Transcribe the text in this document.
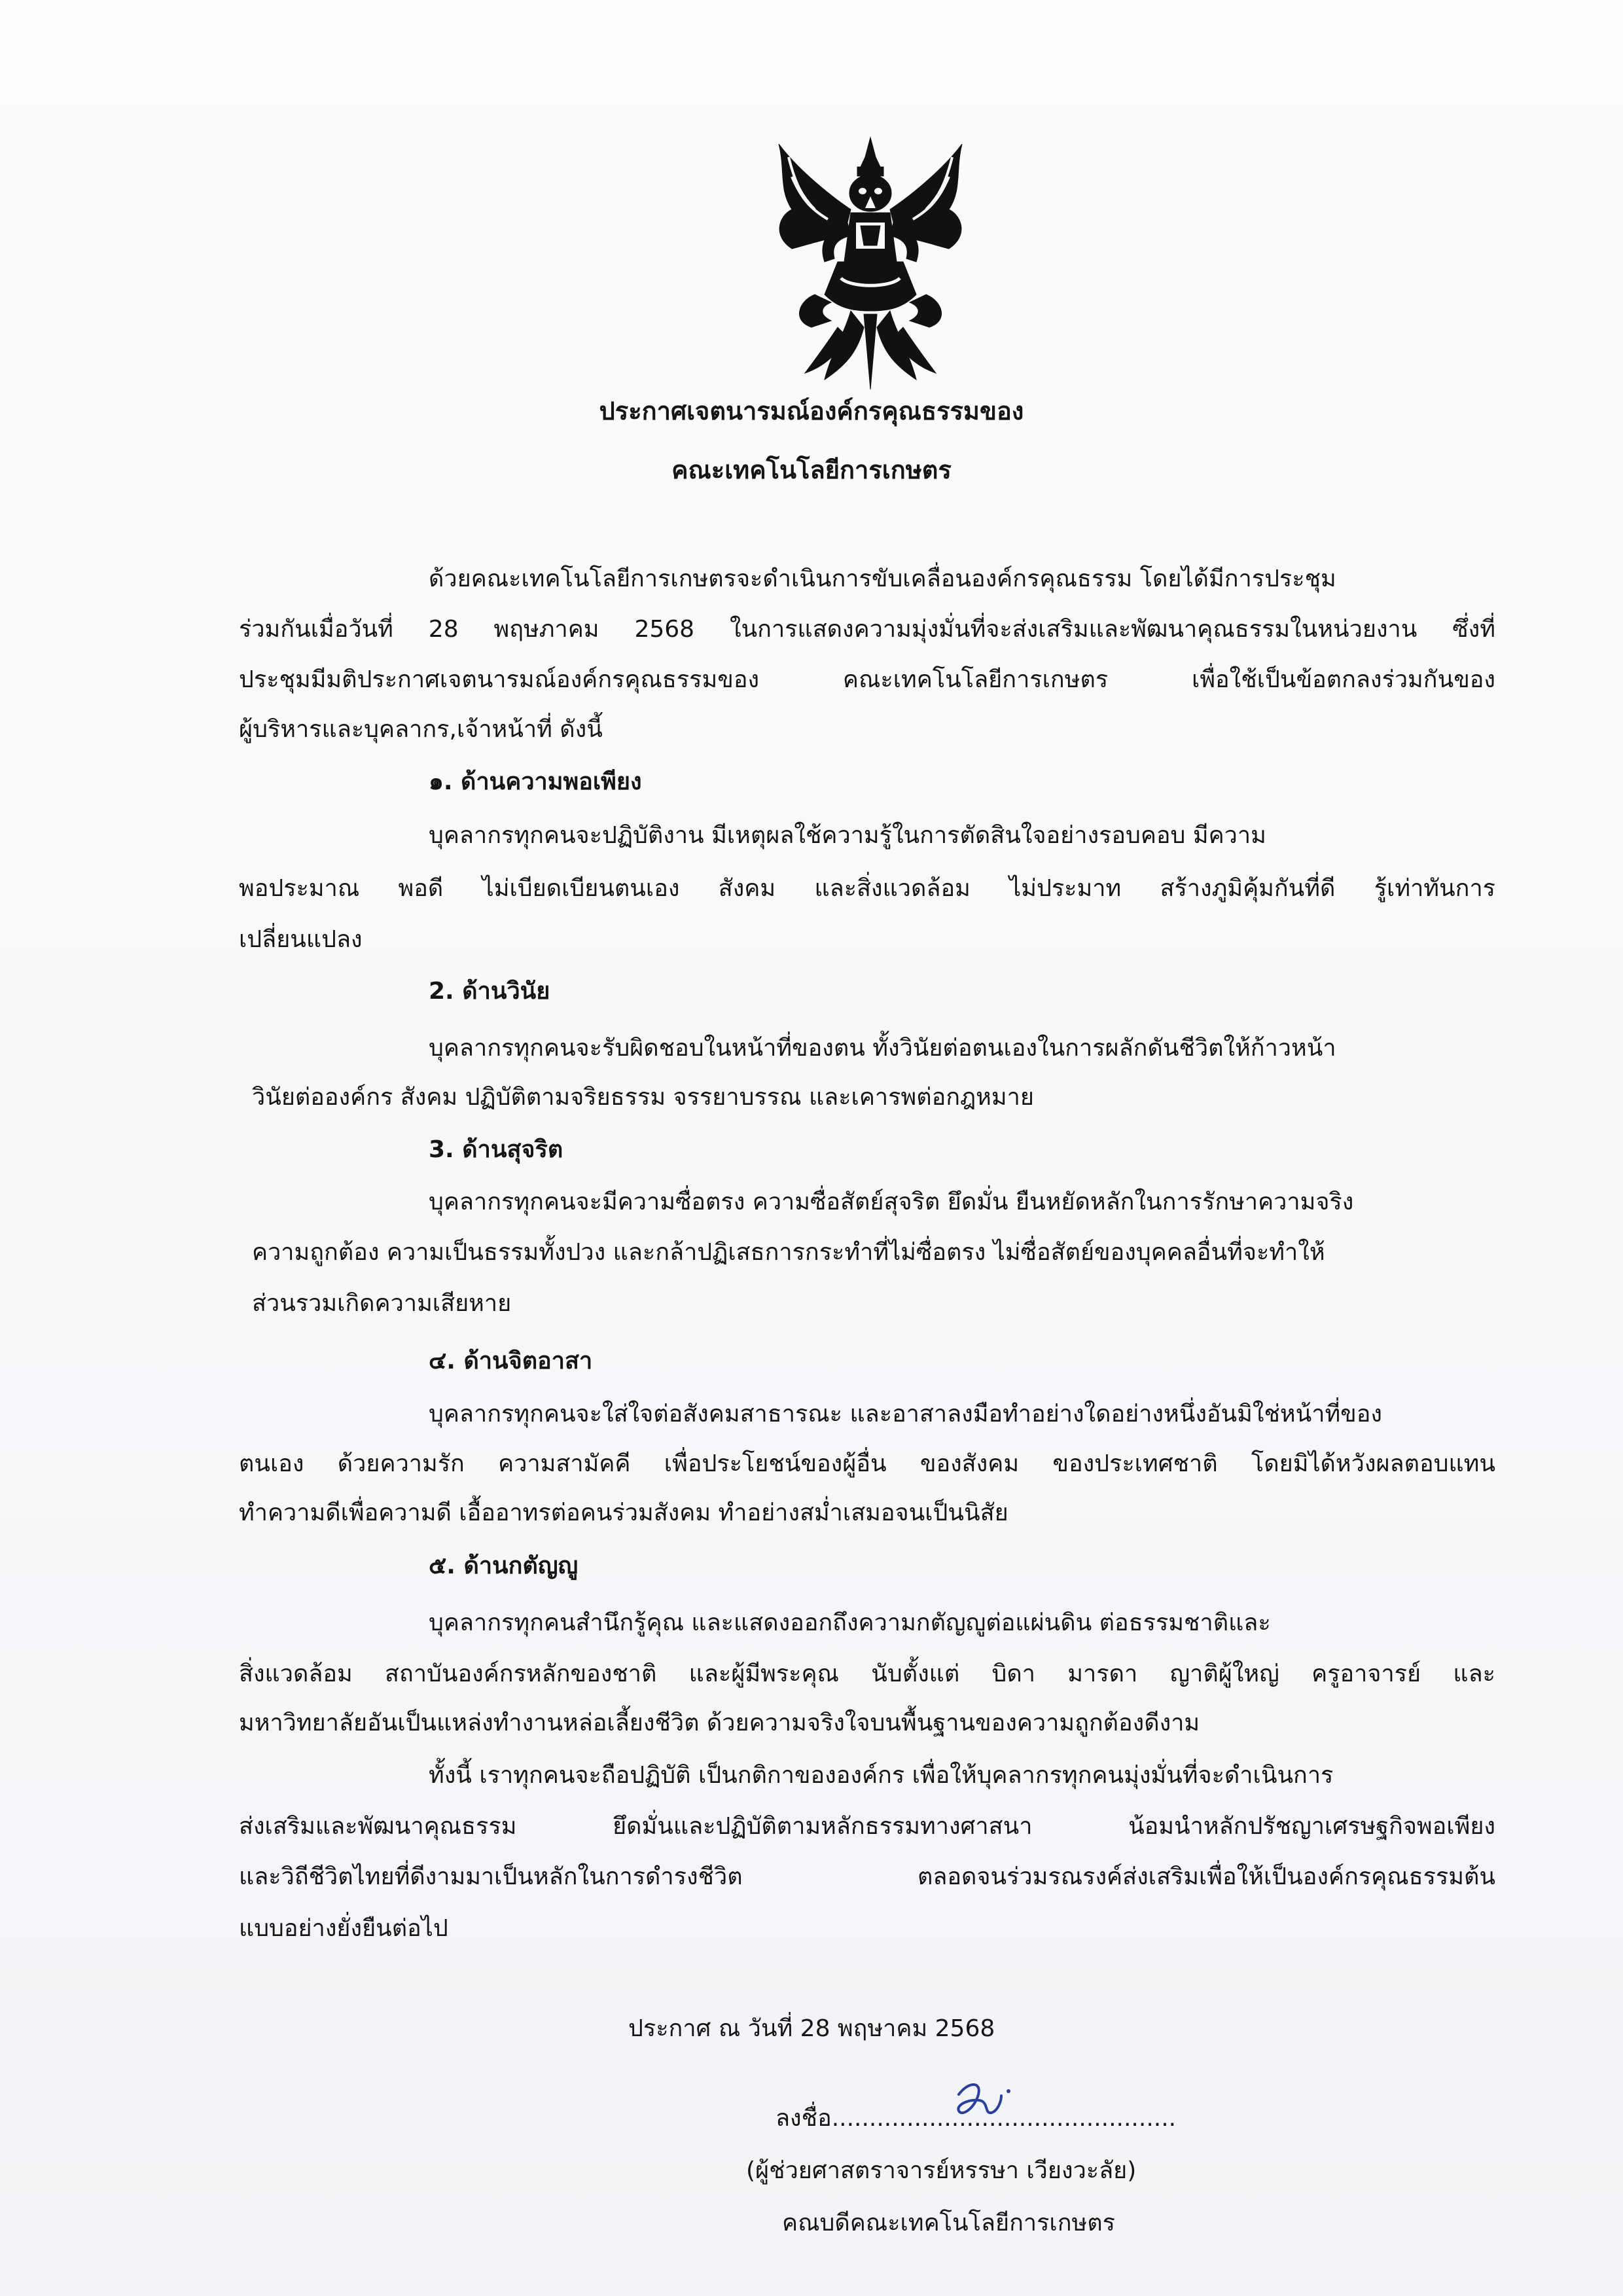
ประกาศเจตนารมณ์องค์กรคุณธรรมของ
คณะเทคโนโลยีการเกษตร

ด้วยคณะเทคโนโลยีการเกษตรจะดำเนินการขับเคลื่อนองค์กรคุณธรรม โดยได้มีการประชุม

ร่วมกันเมื่อวันที่ 28 พฤษภาคม 2568 ในการแสดงความมุ่งมั่นที่จะส่งเสริมและพัฒนาคุณธรรมในหน่วยงาน ซึ่งที่

ประชุมมีมติประกาศเจตนารมณ์องค์กรคุณธรรมของ คณะเทคโนโลยีการเกษตร เพื่อใช้เป็นข้อตกลงร่วมกันของ

ผู้บริหารและบุคลากร,เจ้าหน้าที่ ดังนี้

๑. ด้านความพอเพียง

บุคลากรทุกคนจะปฏิบัติงาน มีเหตุผลใช้ความรู้ในการตัดสินใจอย่างรอบคอบ มีความ

พอประมาณ พอดี ไม่เบียดเบียนตนเอง สังคม และสิ่งแวดล้อม ไม่ประมาท สร้างภูมิคุ้มกันที่ดี รู้เท่าทันการ

เปลี่ยนแปลง

2. ด้านวินัย

บุคลากรทุกคนจะรับผิดชอบในหน้าที่ของตน ทั้งวินัยต่อตนเองในการผลักดันชีวิตให้ก้าวหน้า

วินัยต่อองค์กร สังคม ปฏิบัติตามจริยธรรม จรรยาบรรณ และเคารพต่อกฎหมาย

3. ด้านสุจริต

บุคลากรทุกคนจะมีความซื่อตรง ความซื่อสัตย์สุจริต ยึดมั่น ยืนหยัดหลักในการรักษาความจริง

ความถูกต้อง ความเป็นธรรมทั้งปวง และกล้าปฏิเสธการกระทำที่ไม่ซื่อตรง ไม่ซื่อสัตย์ของบุคคลอื่นที่จะทำให้

ส่วนรวมเกิดความเสียหาย

๔. ด้านจิตอาสา

บุคลากรทุกคนจะใส่ใจต่อสังคมสาธารณะ และอาสาลงมือทำอย่างใดอย่างหนึ่งอันมิใช่หน้าที่ของ

ตนเอง ด้วยความรัก ความสามัคคี เพื่อประโยชน์ของผู้อื่น ของสังคม ของประเทศชาติ โดยมิได้หวังผลตอบแทน

ทำความดีเพื่อความดี เอื้ออาทรต่อคนร่วมสังคม ทำอย่างสม่ำเสมอจนเป็นนิสัย

๕. ด้านกตัญญู

บุคลากรทุกคนสำนึกรู้คุณ และแสดงออกถึงความกตัญญูต่อแผ่นดิน ต่อธรรมชาติและ

สิ่งแวดล้อม สถาบันองค์กรหลักของชาติ และผู้มีพระคุณ นับตั้งแต่ บิดา มารดา ญาติผู้ใหญ่ ครูอาจารย์ และ

มหาวิทยาลัยอันเป็นแหล่งทำงานหล่อเลี้ยงชีวิต ด้วยความจริงใจบนพื้นฐานของความถูกต้องดีงาม

ทั้งนี้ เราทุกคนจะถือปฏิบัติ เป็นกติกาขององค์กร เพื่อให้บุคลากรทุกคนมุ่งมั่นที่จะดำเนินการ

ส่งเสริมและพัฒนาคุณธรรม ยึดมั่นและปฏิบัติตามหลักธรรมทางศาสนา น้อมนำหลักปรัชญาเศรษฐกิจพอเพียง

และวิถีชีวิตไทยที่ดีงามมาเป็นหลักในการดำรงชีวิต ตลอดจนร่วมรณรงค์ส่งเสริมเพื่อให้เป็นองค์กรคุณธรรมต้น

แบบอย่างยั่งยืนต่อไป

ประกาศ ณ วันที่ 28 พฤษาคม 2568

ลงชื่อ..............................................

(ผู้ช่วยศาสตราจารย์หรรษา เวียงวะลัย)

คณบดีคณะเทคโนโลยีการเกษตร
